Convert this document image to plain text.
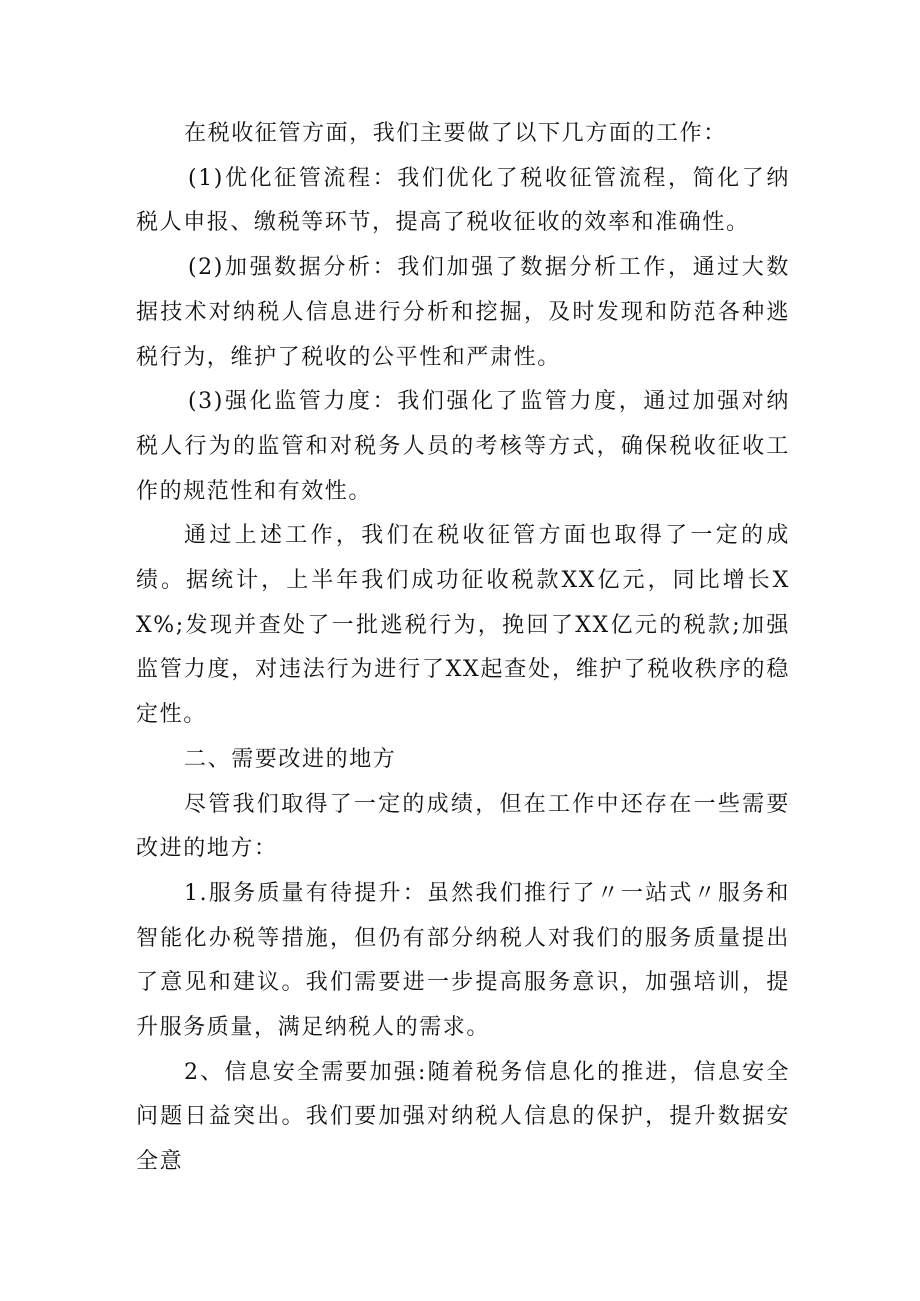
在税收征管方面，我们主要做了以下几方面的工作：

(1)优化征管流程：我们优化了税收征管流程，简化了纳税人申报、缴税等环节，提高了税收征收的效率和准确性。

(2)加强数据分析：我们加强了数据分析工作，通过大数据技术对纳税人信息进行分析和挖掘，及时发现和防范各种逃税行为，维护了税收的公平性和严肃性。

(3)强化监管力度：我们强化了监管力度，通过加强对纳税人行为的监管和对税务人员的考核等方式，确保税收征收工作的规范性和有效性。

通过上述工作，我们在税收征管方面也取得了一定的成绩。据统计，上半年我们成功征收税款XX亿元，同比增长XX%;发现并查处了一批逃税行为，挽回了XX亿元的税款;加强监管力度，对违法行为进行了XX起查处，维护了税收秩序的稳定性。

二、需要改进的地方

尽管我们取得了一定的成绩，但在工作中还存在一些需要改进的地方：

1.服务质量有待提升：虽然我们推行了〃一站式〃服务和智能化办税等措施，但仍有部分纳税人对我们的服务质量提出了意见和建议。我们需要进一步提高服务意识，加强培训，提升服务质量，满足纳税人的需求。

2、信息安全需要加强:随着税务信息化的推进，信息安全问题日益突出。我们要加强对纳税人信息的保护，提升数据安全意
